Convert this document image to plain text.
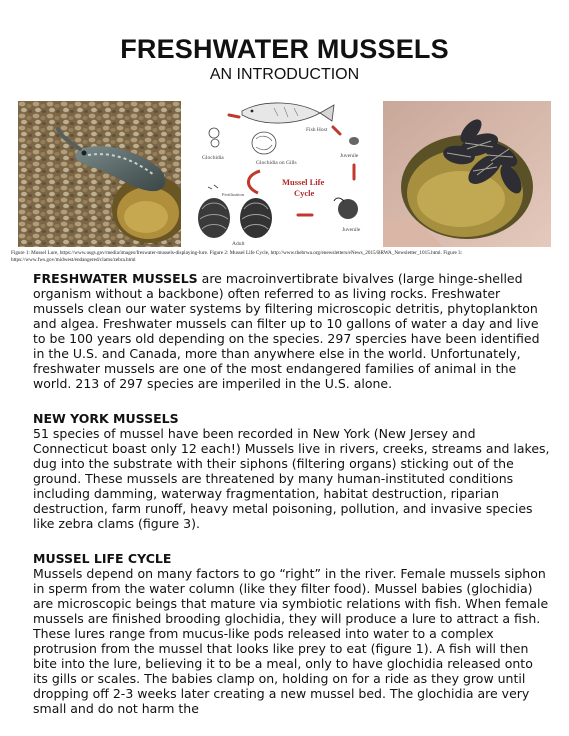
FRESHWATER MUSSELS
AN INTRODUCTION
Fish Host
Glochidia on Gills
Glochidia	Juvenile
Mussel Life
Cycle
Juvenile
Fertilization
Adult
Figure 1: Mussel Lure, https://www.usgs.gov/media/images/freswater-mussels-displaying-lure. Figure 2: Mussel Life Cycle, http://www.thebrwa.org/enewsletters/eNews_2015/BRWA_Newsletter_1015.html. Figure 3: https://www.fws.gov/midwest/endangered/clams/zebra.html

FRESHWATER MUSSELS are macroinvertibrate bivalves (large hinge-shelled organism without a backbone) often referred to as living rocks. Freshwater mussels clean our water systems by filtering microscopic detritis, phytoplankton and algea. Freshwater mussels can filter up to 10 gallons of water a day and live to be 100 years old depending on the species. 297 spercies have been identified in the U.S. and Canada, more than anywhere else in the world. Unfortunately, freshwater mussels are one of the most endangered families of animal in the world. 213 of 297 species are imperiled in the U.S. alone.

NEW YORK MUSSELS

51 species of mussel have been recorded in New York (New Jersey and Connecticut boast only 12 each!) Mussels live in rivers, creeks, streams and lakes, dug into the substrate with their siphons (filtering organs) sticking out of the ground. These mussels are threatened by many human-instituted conditions including damming, waterway fragmentation, habitat destruction, riparian destruction, farm runoff, heavy metal poisoning, pollution, and invasive species like zebra clams (figure 3).

MUSSEL LIFE CYCLE

Mussels depend on many factors to go “right” in the river. Female mussels siphon in sperm from the water column (like they filter food). Mussel babies (glochidia) are microscopic beings that mature via symbiotic relations with fish. When female mussels are finished brooding glochidia, they will produce a lure to attract a fish. These lures range from mucus-like pods released into water to a complex protrusion from the mussel that looks like prey to eat (figure 1). A fish will then bite into the lure, believing it to be a meal, only to have glochidia released onto its gills or scales. The babies clamp on, holding on for a ride as they grow until dropping off 2-3 weeks later creating a new mussel bed. The glochidia are very small and do not harm the
